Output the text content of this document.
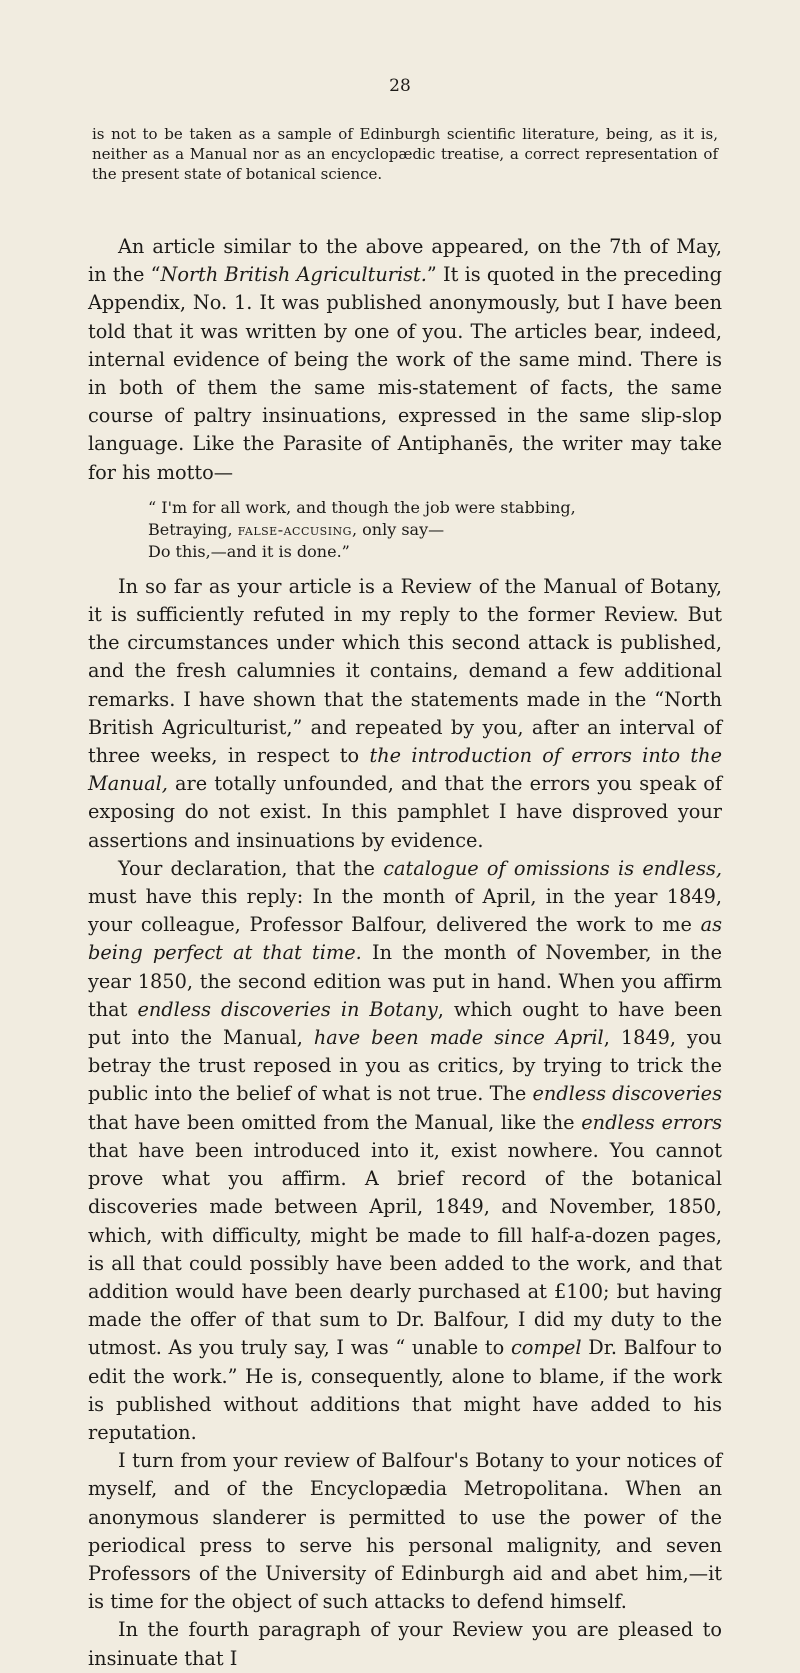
28

is not to be taken as a sample of Edinburgh scientific literature, being, as it is, neither as a Manual nor as an encyclopædic treatise, a correct representation of the present state of botanical science.

An article similar to the above appeared, on the 7th of May, in the “North British Agriculturist.” It is quoted in the preceding Appendix, No. 1. It was published anonymously, but I have been told that it was written by one of you. The articles bear, indeed, internal evidence of being the work of the same mind. There is in both of them the same mis-statement of facts, the same course of paltry insinuations, expressed in the same slip-slop language. Like the Parasite of Antiphanēs, the writer may take for his motto—

“ I'm for all work, and though the job were stabbing,
Betraying, false-accusing, only say—
Do this,—and it is done.”

In so far as your article is a Review of the Manual of Botany, it is sufficiently refuted in my reply to the former Review. But the circumstances under which this second attack is published, and the fresh calumnies it contains, demand a few additional remarks. I have shown that the statements made in the “North British Agriculturist,” and repeated by you, after an interval of three weeks, in respect to the introduction of errors into the Manual, are totally unfounded, and that the errors you speak of exposing do not exist. In this pamphlet I have disproved your assertions and insinuations by evidence.

Your declaration, that the catalogue of omissions is endless, must have this reply: In the month of April, in the year 1849, your colleague, Professor Balfour, delivered the work to me as being perfect at that time. In the month of November, in the year 1850, the second edition was put in hand. When you affirm that endless discoveries in Botany, which ought to have been put into the Manual, have been made since April, 1849, you betray the trust reposed in you as critics, by trying to trick the public into the belief of what is not true. The endless discoveries that have been omitted from the Manual, like the endless errors that have been introduced into it, exist nowhere. You cannot prove what you affirm. A brief record of the botanical discoveries made between April, 1849, and November, 1850, which, with difficulty, might be made to fill half-a-dozen pages, is all that could possibly have been added to the work, and that addition would have been dearly purchased at £100; but having made the offer of that sum to Dr. Balfour, I did my duty to the utmost. As you truly say, I was “ unable to compel Dr. Balfour to edit the work.” He is, consequently, alone to blame, if the work is published without additions that might have added to his reputation.

I turn from your review of Balfour's Botany to your notices of myself, and of the Encyclopædia Metropolitana. When an anonymous slanderer is permitted to use the power of the periodical press to serve his personal malignity, and seven Professors of the University of Edinburgh aid and abet him,—it is time for the object of such attacks to defend himself.

In the fourth paragraph of your Review you are pleased to insinuate that I
